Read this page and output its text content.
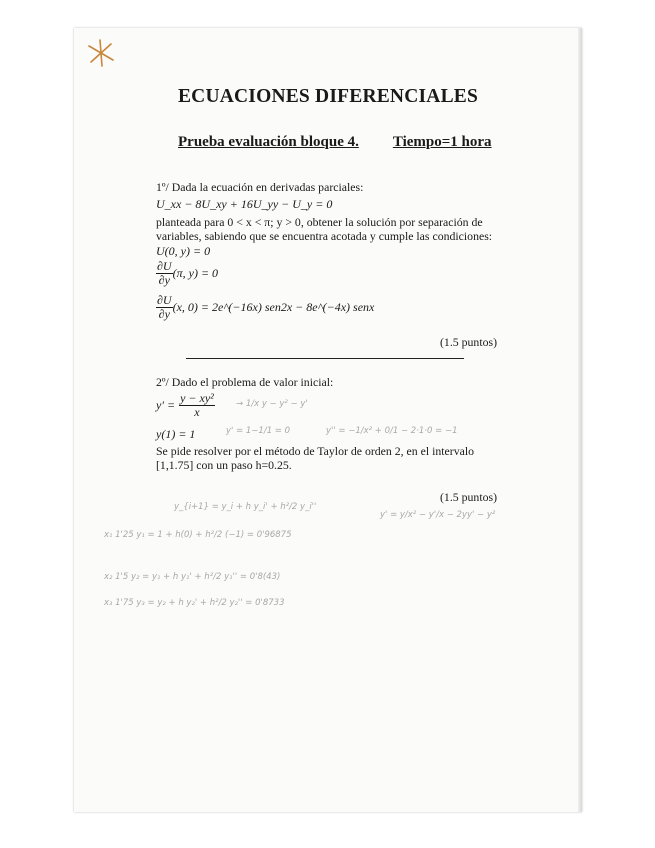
ECUACIONES DIFERENCIALES
Prueba evaluación bloque 4. Tiempo=1 hora
1º/ Dada la ecuación en derivadas parciales:
U_xx − 8U_xy + 16U_yy − U_y = 0
planteada para 0 < x < π; y > 0, obtener la solución por separación de
variables, sabiendo que se encuentra acotada y cumple las condiciones:
U(0, y) = 0
$\frac{\partial U}{\partial y} (\pi$, y) = 0
$\frac{\partial U}{\partial y} (x$, 0) = 2e^(−16x) sen2x − 8e^(−4x) senx
(1.5 puntos)
2º/ Dado el problema de valor inicial:
$y' = \frac{\text{y − xy²}}{x}$
y(1) = 1
Se pide resolver por el método de Taylor de orden 2, en el intervalo
[1,1.75] con un paso h=0.25.
(1.5 puntos)
→ 1/x y − y² − y'
y' = 1−1/1 = 0	y'' = −1/x² + 0/1 − 2·1·0 = −1
y_{i+1} = y_i + h y_i' + h²/2 y_i''
y' = y/x² − y'/x − 2yy' − y²
x₁ 1'25 y₁ = 1 + h(0) + h²/2 (−1) = 0'96875
x₂ 1'5 y₂ = y₁ + h y₁' + h²/2 y₁'' = 0'8(43)
x₃ 1'75 y₃ = y₂ + h y₂' + h²/2 y₂'' = 0'8733
